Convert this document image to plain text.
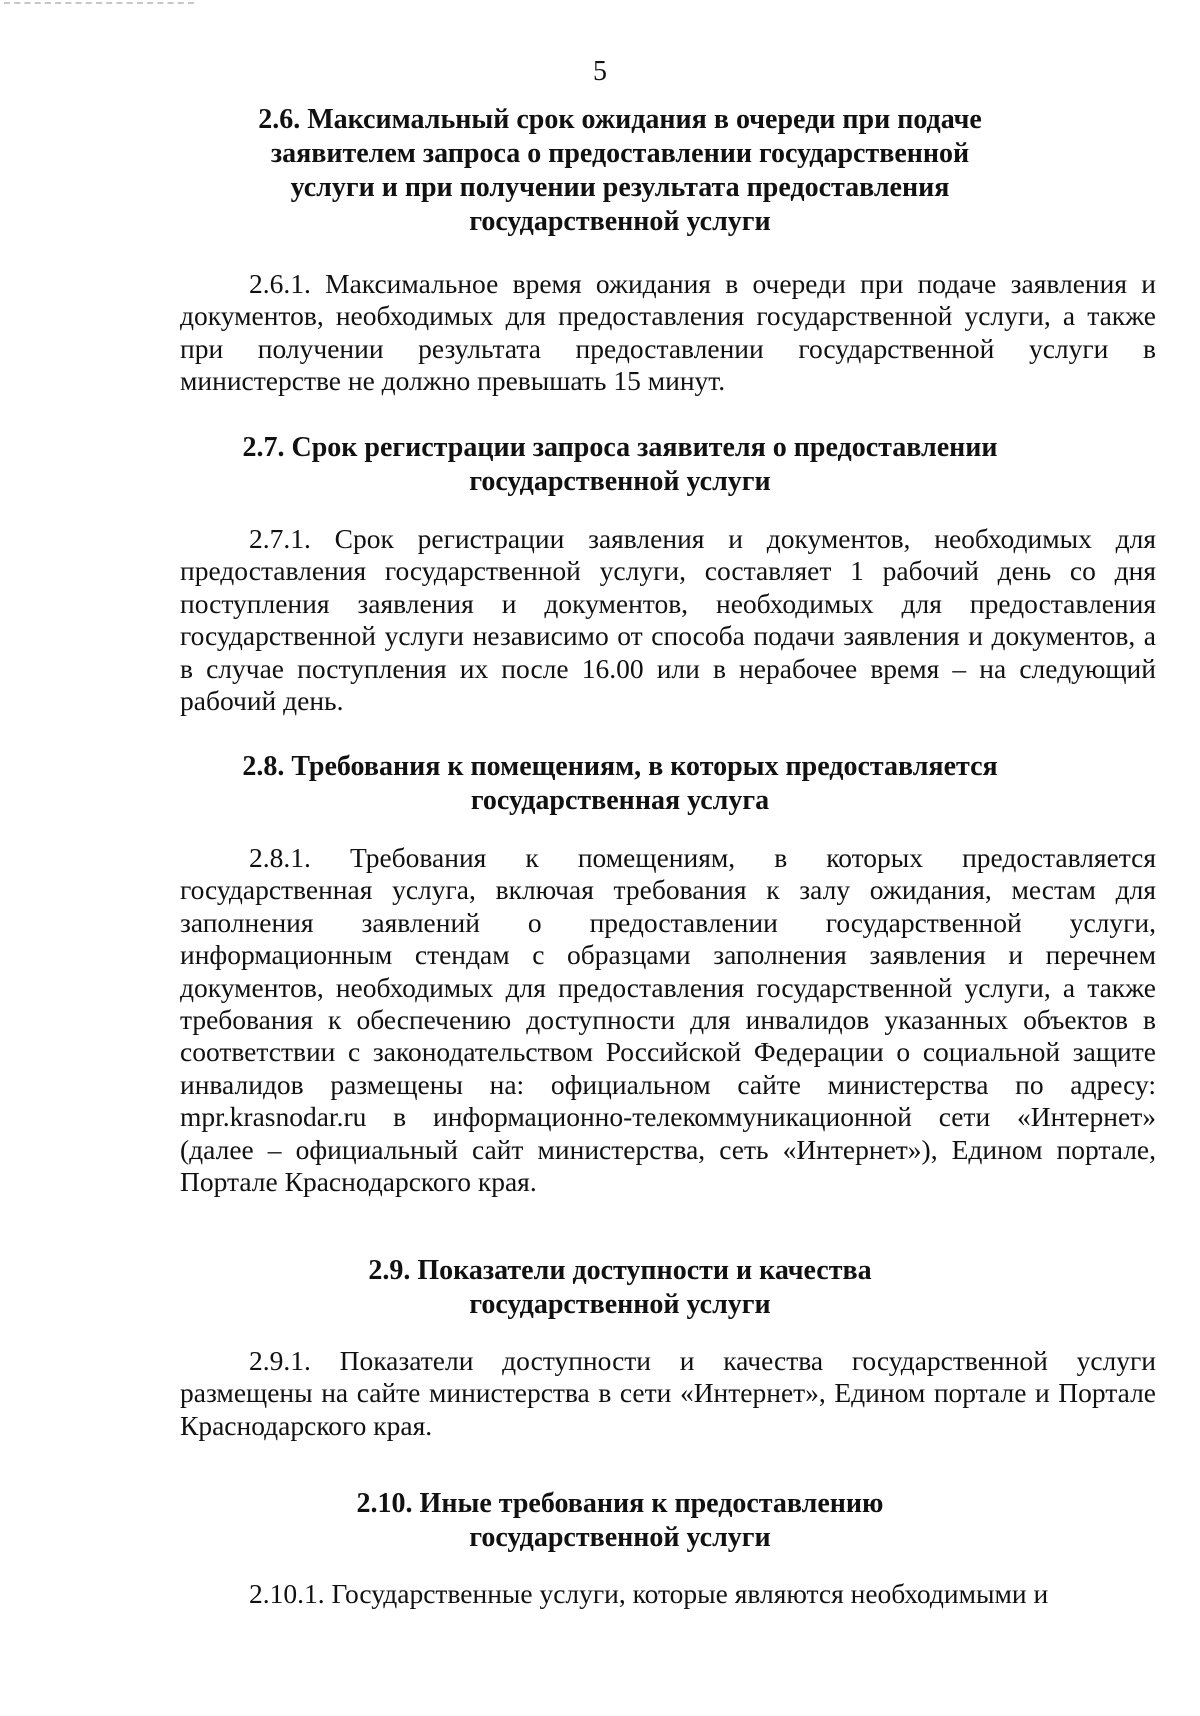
5
2.6. Максимальный срок ожидания в очереди при подаче
заявителем запроса о предоставлении государственной
услуги и при получении результата предоставления
государственной услуги

2.6.1. Максимальное время ожидания в очереди при подаче заявления и документов, необходимых для предоставления государственной услуги, а также при получении результата предоставлении государственной услуги в министерстве не должно превышать 15 минут.

2.7. Срок регистрации запроса заявителя о предоставлении
государственной услуги

2.7.1. Срок регистрации заявления и документов, необходимых для предоставления государственной услуги, составляет 1 рабочий день со дня поступления заявления и документов, необходимых для предоставления государственной услуги независимо от способа подачи заявления и документов, а в случае поступления их после 16.00 или в нерабочее время – на следующий рабочий день.

2.8. Требования к помещениям, в которых предоставляется
государственная услуга

2.8.1. Требования к помещениям, в которых предоставляется государственная услуга, включая требования к залу ожидания, местам для заполнения заявлений о предоставлении государственной услуги, информационным стендам с образцами заполнения заявления и перечнем документов, необходимых для предоставления государственной услуги, а также требования к обеспечению доступности для инвалидов указанных объектов в соответствии с законодательством Российской Федерации о социальной защите инвалидов размещены на: официальном сайте министерства по адресу: mpr.krasnodar.ru в информационно-телекоммуникационной сети «Интернет» (далее – официальный сайт министерства, сеть «Интернет»), Едином портале, Портале Краснодарского края.

2.9. Показатели доступности и качества
государственной услуги

2.9.1. Показатели доступности и качества государственной услуги размещены на сайте министерства в сети «Интернет», Едином портале и Портале Краснодарского края.

2.10. Иные требования к предоставлению
государственной услуги

2.10.1. Государственные услуги, которые являются необходимыми и
